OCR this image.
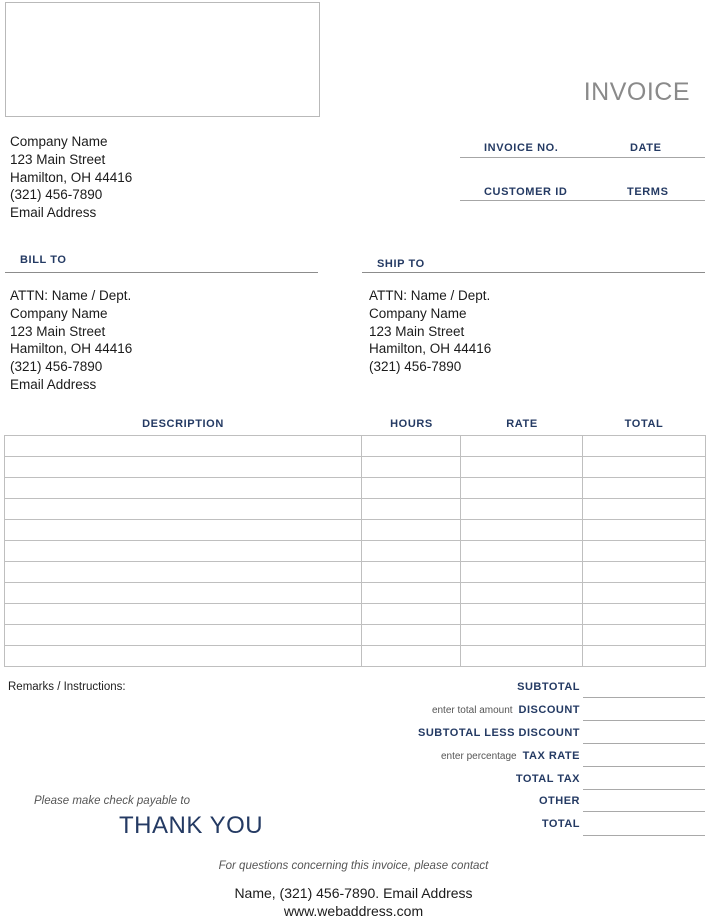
INVOICE
Company Name
123 Main Street
Hamilton, OH 44416
(321) 456-7890
Email Address
INVOICE NO.	DATE
CUSTOMER ID	TERMS
BILL TO
ATTN: Name / Dept.
Company Name
123 Main Street
Hamilton, OH 44416
(321) 456-7890
Email Address
SHIP TO
ATTN: Name / Dept.
Company Name
123 Main Street
Hamilton, OH 44416
(321) 456-7890
DESCRIPTION	HOURS	RATE	TOTAL

Remarks / Instructions:	SUBTOTAL
enter total amount DISCOUNT
SUBTOTAL LESS DISCOUNT
enter percentage TAX RATE
TOTAL TAX
OTHER
TOTAL
Please make check payable to
THANK YOU
For questions concerning this invoice, please contact
Name, (321) 456-7890. Email Address
www.webaddress.com
